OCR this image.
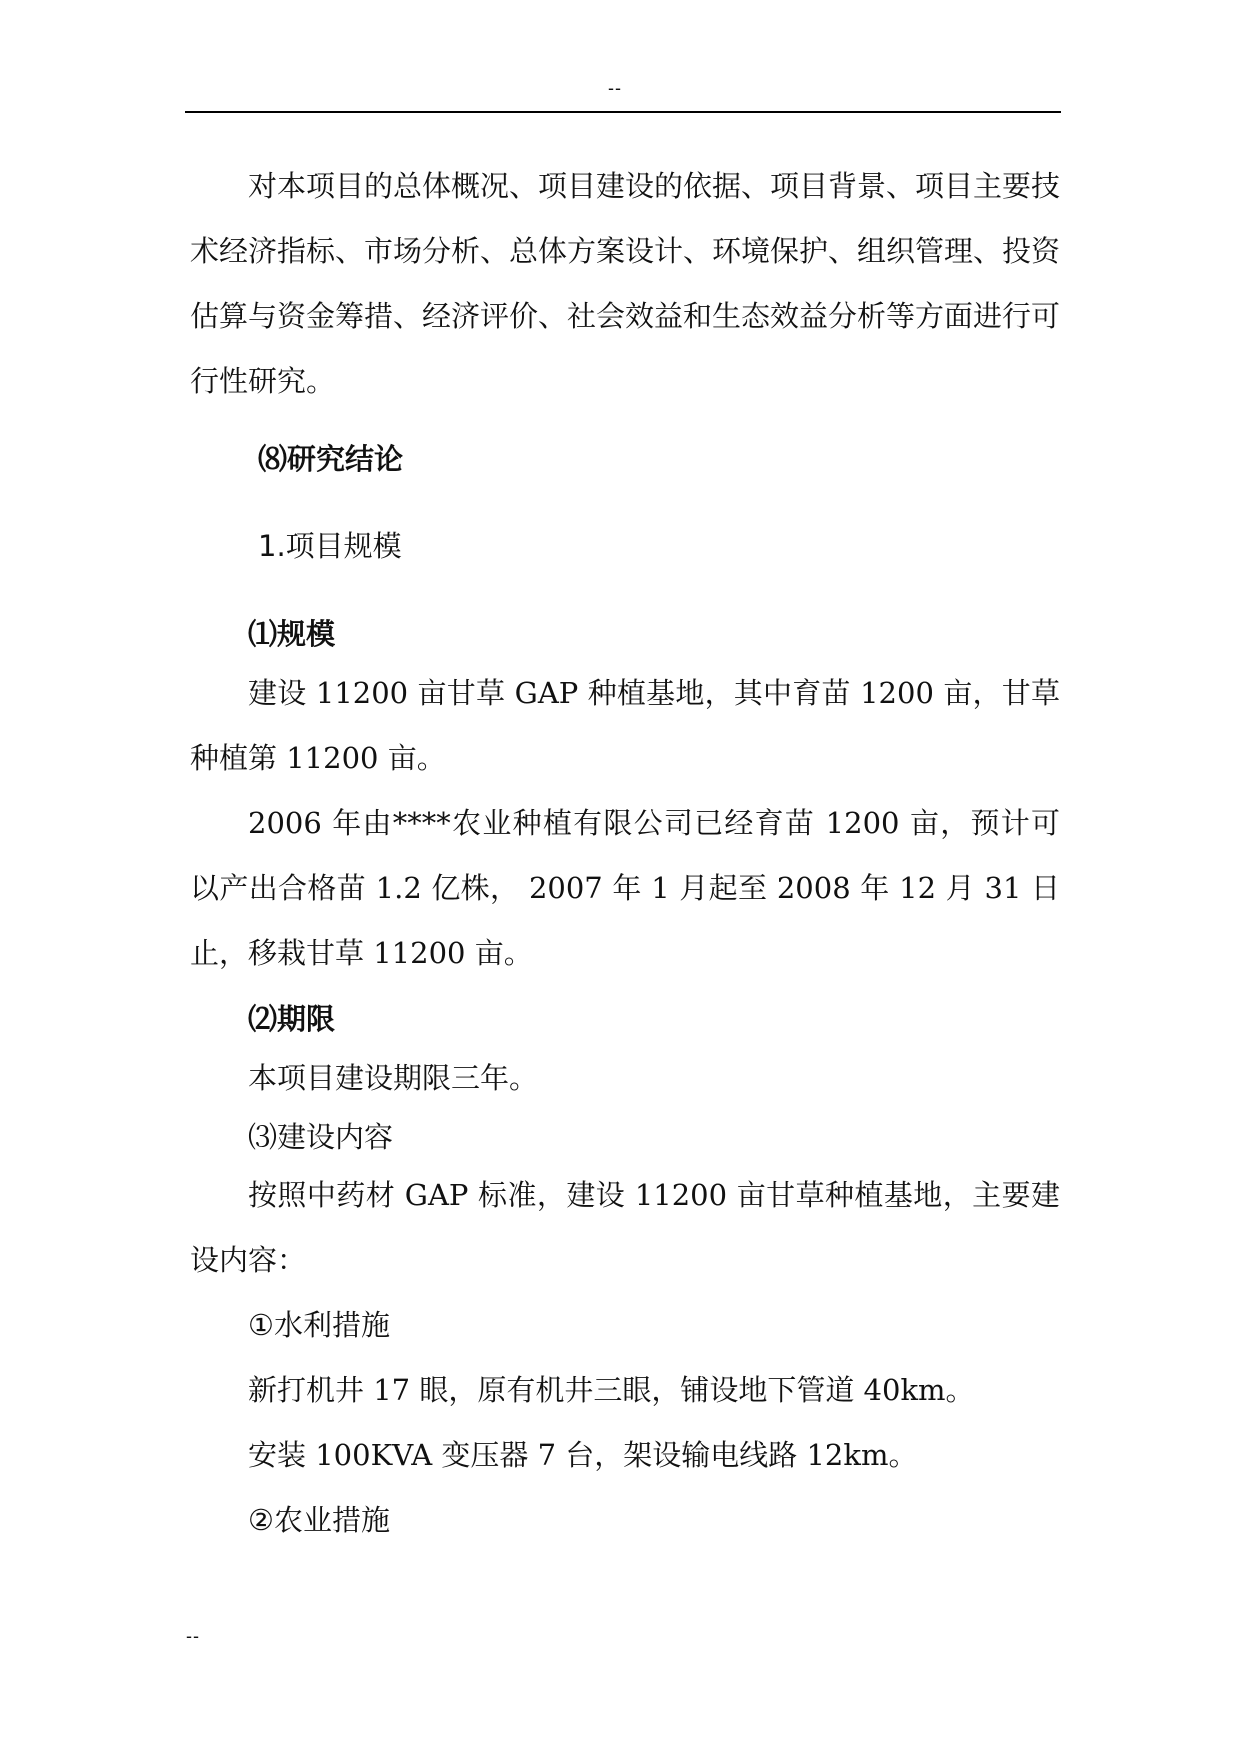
--

对本项目的总体概况、项目建设的依据、项目背景、项目主要技术经济指标、市场分析、总体方案设计、环境保护、组织管理、投资估算与资金筹措、经济评价、社会效益和生态效益分析等方面进行可行性研究。

⑻研究结论

1.项目规模

⑴规模

建设 11200 亩甘草 GAP 种植基地，其中育苗 1200 亩，甘草种植第 11200 亩。

2006 年由****农业种植有限公司已经育苗 1200 亩，预计可以产出合格苗 1.2 亿株， 2007 年 1 月起至 2008 年 12 月 31 日止，移栽甘草 11200 亩。

⑵期限

本项目建设期限三年。

⑶建设内容

按照中药材 GAP 标准，建设 11200 亩甘草种植基地，主要建设内容：

①水利措施

新打机井 17 眼，原有机井三眼，铺设地下管道 40km。

安装 100KVA 变压器 7 台，架设输电线路 12km。

②农业措施

--
